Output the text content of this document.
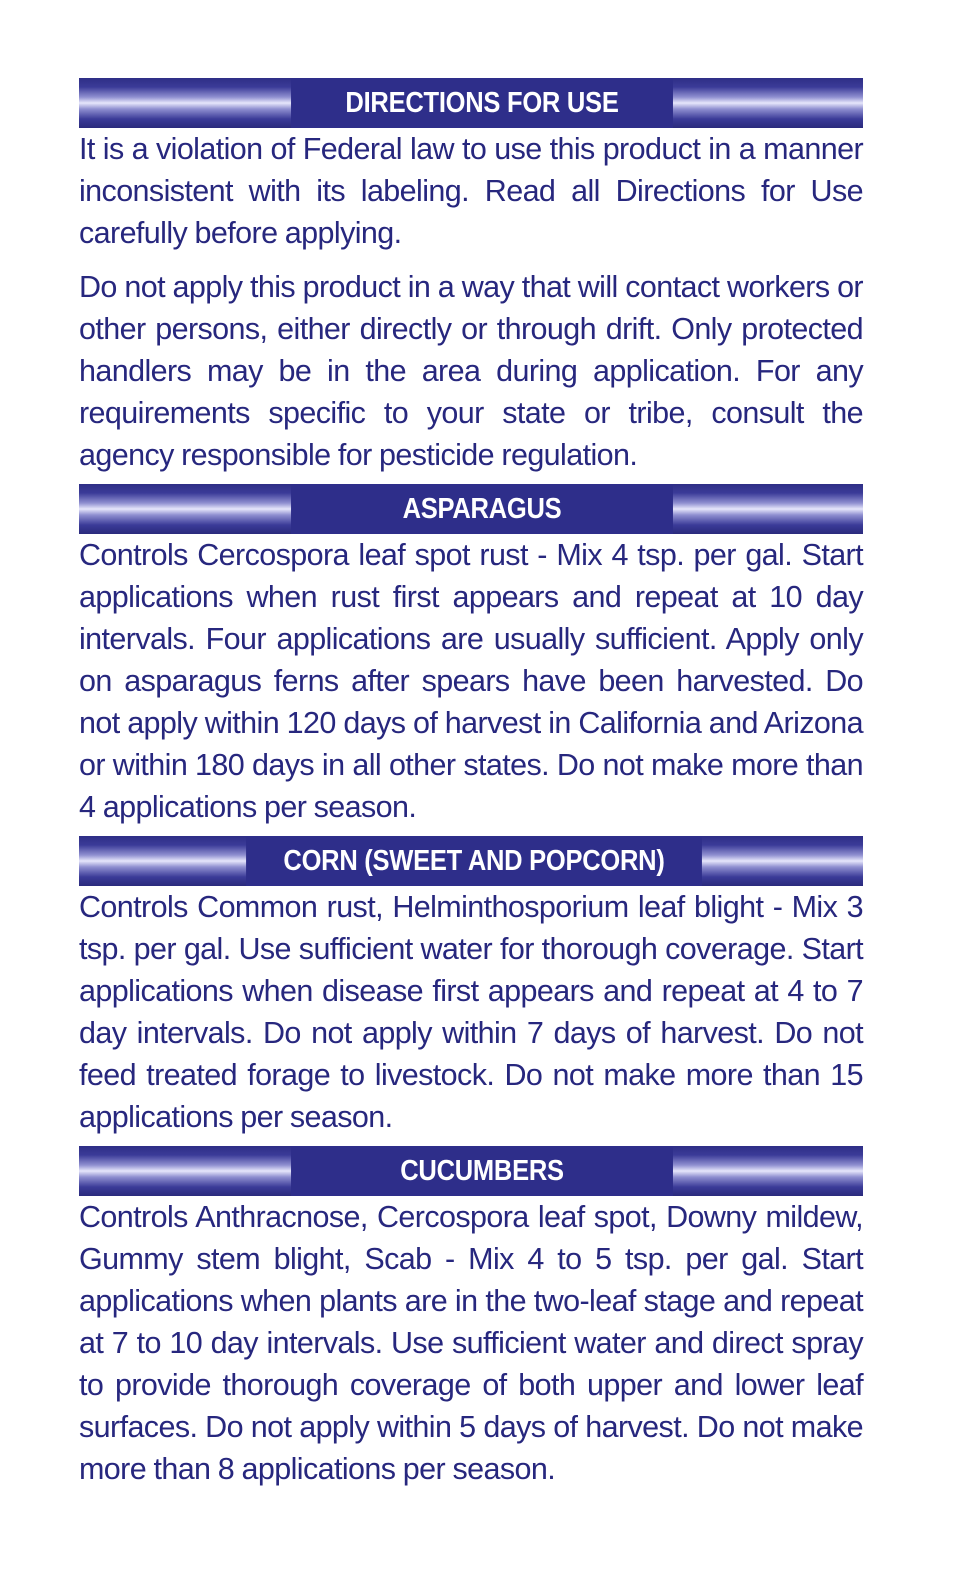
DIRECTIONS FOR USE

It is a violation of Federal law to use this product in a manner inconsistent with its labeling. Read all Directions for Use carefully before applying.

Do not apply this product in a way that will contact workers or other persons, either directly or through drift. Only protected handlers may be in the area during application. For any requirements specific to your state or tribe, consult the agency responsible for pesticide regulation.

ASPARAGUS

Controls Cercospora leaf spot rust - Mix 4 tsp. per gal. Start applications when rust first appears and repeat at 10 day intervals. Four applications are usually sufficient. Apply only on asparagus ferns after spears have been harvested. Do not apply within 120 days of harvest in California and Arizona or within 180 days in all other states. Do not make more than 4 applications per season.

CORN (SWEET AND POPCORN)

Controls Common rust, Helminthosporium leaf blight - Mix 3 tsp. per gal. Use sufficient water for thorough coverage. Start applications when disease first appears and repeat at 4 to 7 day intervals. Do not apply within 7 days of harvest. Do not feed treated forage to livestock. Do not make more than 15 applications per season.

CUCUMBERS

Controls Anthracnose, Cercospora leaf spot, Downy mildew, Gummy stem blight, Scab - Mix 4 to 5 tsp. per gal. Start applications when plants are in the two-leaf stage and repeat at 7 to 10 day intervals. Use sufficient water and direct spray to provide thorough coverage of both upper and lower leaf surfaces. Do not apply within 5 days of harvest. Do not make more than 8 applications per season.
